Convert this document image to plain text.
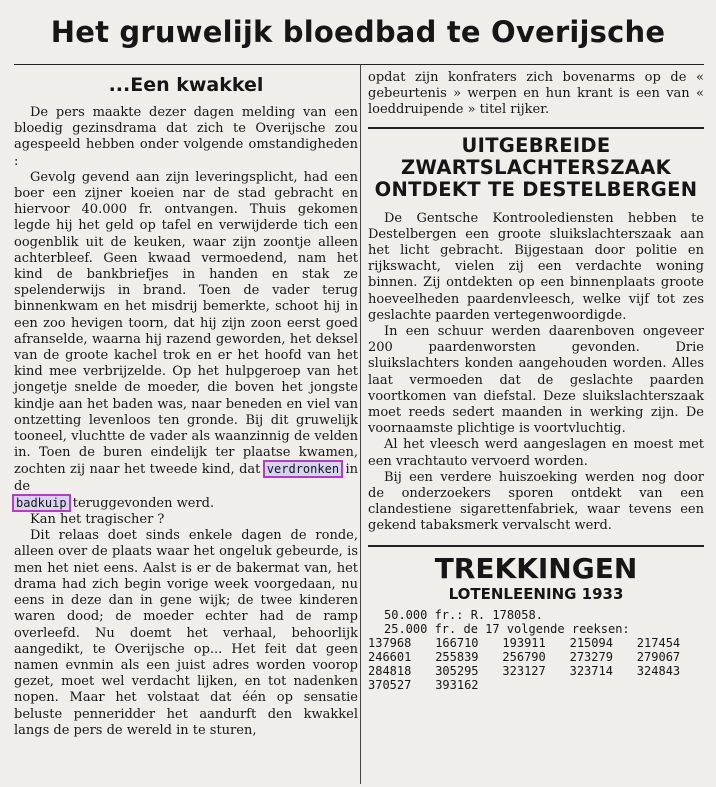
Het gruwelijk bloedbad te Overijsche
...Een kwakkel

De pers maakte dezer dagen melding van een bloedig gezinsdrama dat zich te Overijsche zou agespeeld hebben onder volgende omstandigheden :

Gevolg gevend aan zijn leveringsplicht, had een boer een zijner koeien nar de stad gebracht en hiervoor 40.000 fr. ontvangen. Thuis gekomen legde hij het geld op tafel en verwijderde tich een oogenblik uit de keuken, waar zijn zoontje alleen achterbleef. Geen kwaad vermoedend, nam het kind de bankbriefjes in handen en stak ze spelenderwijs in brand. Toen de vader terug binnenkwam en het misdrij bemerkte, schoot hij in een zoo hevigen toorn, dat hij zijn zoon eerst goed afranselde, waarna hij razend geworden, het deksel van de groote kachel trok en er het hoofd van het kind mee verbrijzelde. Op het hulpgeroep van het jongetje snelde de moeder, die boven het jongste kindje aan het baden was, naar beneden en viel van ontzetting levenloos ten gronde. Bij dit gruwelijk tooneel, vluchtte de vader als waanzinnig de velden in. Toen de buren eindelijk ter plaatse kwamen, zochten zij naar het tweede kind, dat verdronken in de
badkuip teruggevonden werd.

Kan het tragischer ?

Dit relaas doet sinds enkele dagen de ronde, alleen over de plaats waar het ongeluk gebeurde, is men het niet eens. Aalst is er de bakermat van, het drama had zich begin vorige week voorgedaan, nu eens in deze dan in gene wijk; de twee kinderen waren dood; de moeder echter had de ramp overleefd. Nu doemt het verhaal, behoorlijk aangedikt, te Overijsche op... Het feit dat geen namen evnmin als een juist adres worden voorop gezet, moet wel verdacht lijken, en tot nadenken nopen. Maar het volstaat dat één op sensatie beluste penneridder het aandurft den kwakkel langs de pers de wereld in te sturen,

opdat zijn konfraters zich bovenarms op de « gebeurtenis » werpen en hun krant is een van « loeddruipende » titel rijker.

UITGEBREIDE ZWARTSLACHTERSZAAK ONTDEKT TE DESTELBERGEN

De Gentsche Kontroolediensten hebben te Destelbergen een groote sluikslachterszaak aan het licht gebracht. Bijgestaan door politie en rijkswacht, vielen zij een verdachte woning binnen. Zij ontdekten op een binnenplaats groote hoeveelheden paardenvleesch, welke vijf tot zes geslachte paarden vertegenwoordigde.

In een schuur werden daarenboven ongeveer 200 paardenworsten gevonden. Drie sluikslachters konden aangehouden worden. Alles laat vermoeden dat de geslachte paarden voortkomen van diefstal. Deze sluikslachterszaak moet reeds sedert maanden in werking zijn. De voornaamste plichtige is voortvluchtig.

Al het vleesch werd aangeslagen en moest met een vrachtauto vervoerd worden.

Bij een verdere huiszoeking werden nog door de onderzoekers sporen ontdekt van een clandestiene sigarettenfabriek, waar tevens een gekend tabaksmerk vervalscht werd.

TREKKINGEN
LOTENLEENING 1933
50.000 fr.: R. 178058.
25.000 fr. de 17 volgende reeksen:
137968	166710	193911	215094	217454
246601	255839	256790	273279	279067
284818	305295	323127	323714	324843
370527	393162
